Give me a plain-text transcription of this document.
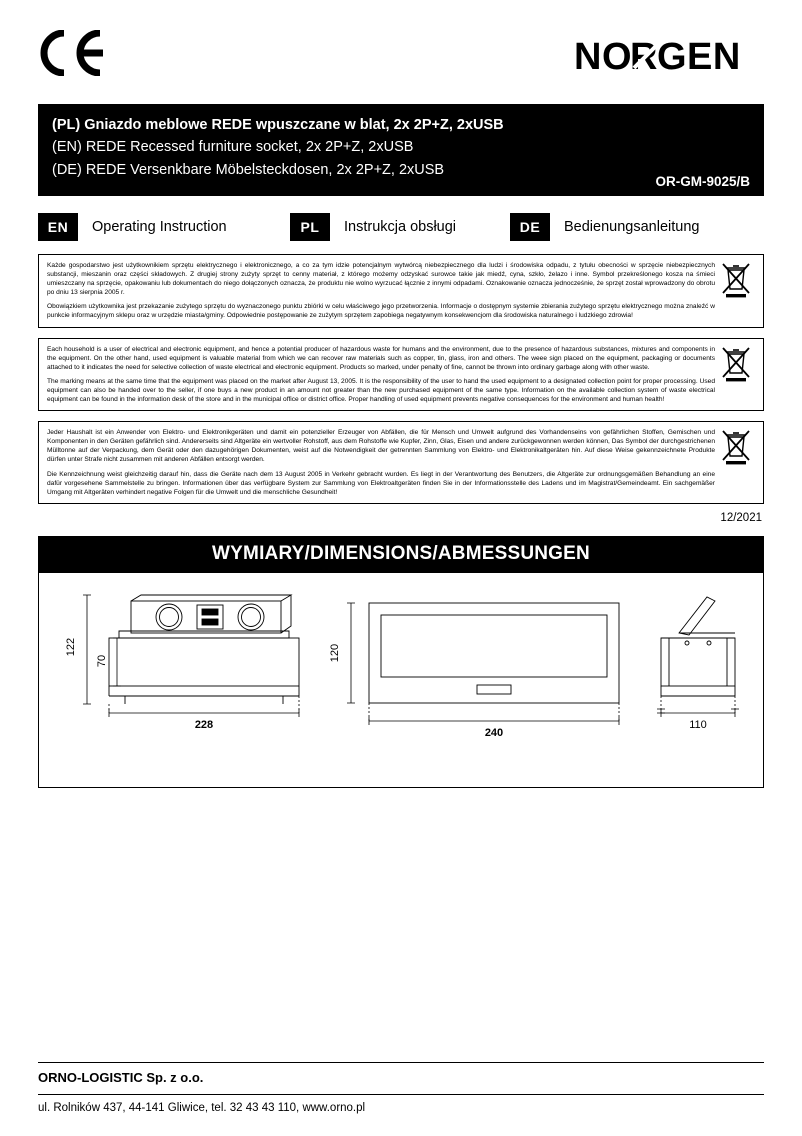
NO
R GEN
(PL) Gniazdo meblowe REDE wpuszczane w blat, 2x 2P+Z, 2xUSB
(EN) REDE Recessed furniture socket, 2x 2P+Z, 2xUSB
(DE) REDE Versenkbare Möbelsteckdosen, 2x 2P+Z, 2xUSB
OR-GM-9025/B
EN	Operating Instruction	PL	Instrukcja obsługi	DE	Bedienungsanleitung

Każde gospodarstwo jest użytkownikiem sprzętu elektrycznego i elektronicznego, a co za tym idzie potencjalnym wytwórcą niebezpiecznego dla ludzi i środowiska odpadu, z tytułu obecności w sprzęcie niebezpiecznych substancji, mieszanin oraz części składowych. Z drugiej strony zużyty sprzęt to cenny materiał, z którego możemy odzyskać surowce takie jak miedź, cyna, szkło, żelazo i inne. Symbol przekreślonego kosza na śmieci umieszczany na sprzęcie, opakowaniu lub dokumentach do niego dołączonych oznacza, że produktu nie wolno wyrzucać łącznie z innymi odpadami. Oznakowanie oznacza jednocześnie, że sprzęt został wprowadzony do obrotu po dniu 13 sierpnia 2005 r.

Obowiązkiem użytkownika jest przekazanie zużytego sprzętu do wyznaczonego punktu zbiórki w celu właściwego jego przetworzenia. Informacje o dostępnym systemie zbierania zużytego sprzętu elektrycznego można znaleźć w punkcie informacyjnym sklepu oraz w urzędzie miasta/gminy. Odpowiednie postępowanie ze zużytym sprzętem zapobiega negatywnym konsekwencjom dla środowiska naturalnego i ludzkiego zdrowia!

Each household is a user of electrical and electronic equipment, and hence a potential producer of hazardous waste for humans and the environment, due to the presence of hazardous substances, mixtures and components in the equipment. On the other hand, used equipment is valuable material from which we can recover raw materials such as copper, tin, glass, iron and others. The weee sign placed on the equipment, packaging or documents attached to it indicates the need for selective collection of waste electrical and electronic equipment. Products so marked, under penalty of fine, cannot be thrown into ordinary garbage along with other waste.

The marking means at the same time that the equipment was placed on the market after August 13, 2005. It is the responsibility of the user to hand the used equipment to a designated collection point for proper processing. Used equipment can also be handed over to the seller, if one buys a new product in an amount not greater than the new purchased equipment of the same type. Information on the available collection system of waste electrical equipment can be found in the information desk of the store and in the municipal office or district office. Proper handling of used equipment prevents negative consequences for the environment and human health!

Jeder Haushalt ist ein Anwender von Elektro- und Elektronikgeräten und damit ein potenzieller Erzeuger von Abfällen, die für Mensch und Umwelt aufgrund des Vorhandenseins von gefährlichen Stoffen, Gemischen und Komponenten in den Geräten gefährlich sind. Andererseits sind Altgeräte ein wertvoller Rohstoff, aus dem Rohstoffe wie Kupfer, Zinn, Glas, Eisen und andere zurückgewonnen werden können, Das Symbol der durchgestrichenen Mülltonne auf der Verpackung, dem Gerät oder den dazugehörigen Dokumenten, weist auf die Notwendigkeit der getrennten Sammlung von Elektro- und Elektronikaltgeräten hin. Auf diese Weise gekennzeichnete Produkte dürfen unter Strafe nicht zusammen mit anderen Abfällen entsorgt werden.

Die Kennzeichnung weist gleichzeitig darauf hin, dass die Geräte nach dem 13 August 2005 in Verkehr gebracht wurden. Es liegt in der Verantwortung des Benutzers, die Altgeräte zur ordnungsgemäßen Behandlung an eine dafür vorgesehene Sammelstelle zu bringen. Informationen über das verfügbare System zur Sammlung von Elektroaltgeräten finden Sie in der Informationsstelle des Ladens und im Magistrat/Gemeindeamt. Ein sachgemäßer Umgang mit Altgeräten verhindert negative Folgen für die Umwelt und die menschliche Gesundheit!

12/2021
WYMIARY/DIMENSIONS/ABMESSUNGEN
122
70
228
120
240
110
ORNO-LOGISTIC Sp. z o.o.
ul. Rolników 437, 44-141 Gliwice, tel. 32 43 43 110, www.orno.pl
